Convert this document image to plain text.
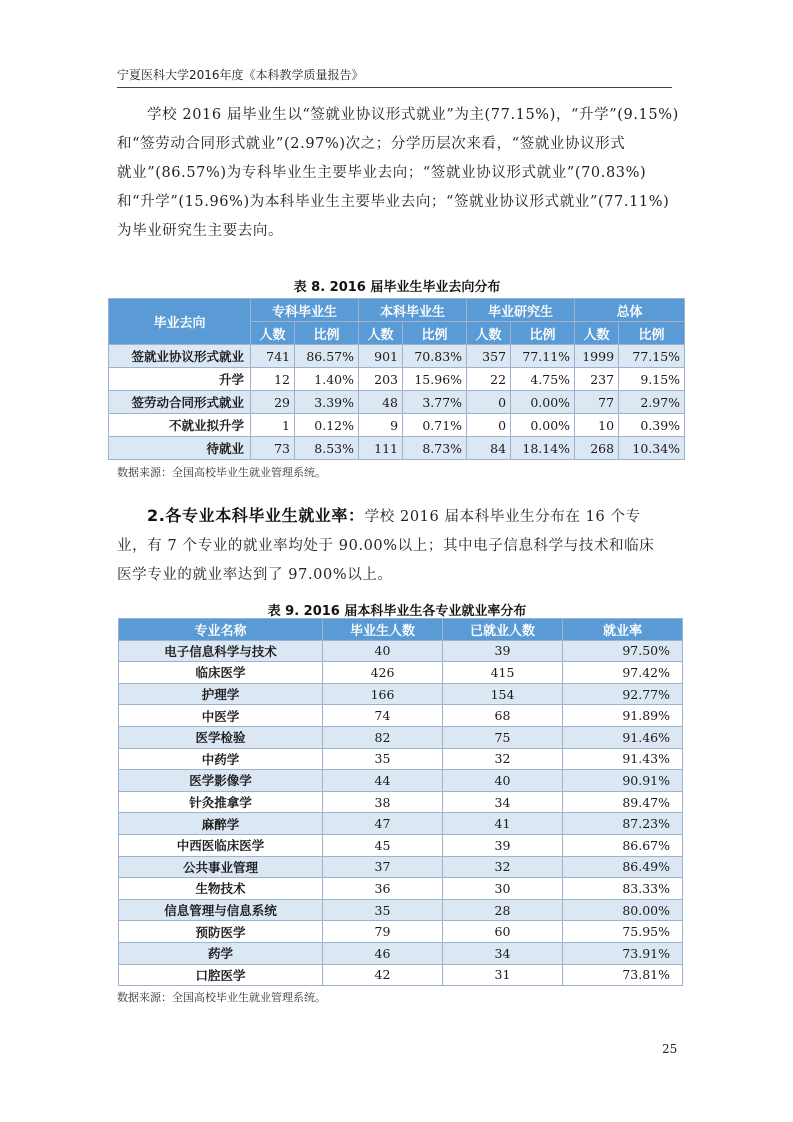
宁夏医科大学2016年度《本科教学质量报告》
学校 2016 届毕业生以“签就业协议形式就业”为主(77.15%)，“升学”(9.15%)
和“签劳动合同形式就业”(2.97%)次之；分学历层次来看，“签就业协议形式
就业”(86.57%)为专科毕业生主要毕业去向；“签就业协议形式就业”(70.83%)
和“升学”(15.96%)为本科毕业生主要毕业去向；“签就业协议形式就业”(77.11%)
为毕业研究生主要去向。
表 8. 2016 届毕业生毕业去向分布
毕业去向	专科毕业生		本科毕业生		毕业研究生		总体	
	人数	比例	人数	比例	人数	比例	人数	比例
签就业协议形式就业	741	86.57%	901	70.83%	357	77.11%	1999	77.15%
升学	12	1.40%	203	15.96%	22	4.75%	237	9.15%
签劳动合同形式就业	29	3.39%	48	3.77%	0	0.00%	77	2.97%
不就业拟升学	1	0.12%	9	0.71%	0	0.00%	10	0.39%
待就业	73	8.53%	111	8.73%	84	18.14%	268	10.34%
数据来源：全国高校毕业生就业管理系统。
2.各专业本科毕业生就业率：学校 2016 届本科毕业生分布在 16 个专
业，有 7 个专业的就业率均处于 90.00%以上；其中电子信息科学与技术和临床
医学专业的就业率达到了 97.00%以上。
表 9. 2016 届本科毕业生各专业就业率分布
专业名称	毕业生人数	已就业人数	就业率
电子信息科学与技术	40	39	97.50%
临床医学	426	415	97.42%
护理学	166	154	92.77%
中医学	74	68	91.89%
医学检验	82	75	91.46%
中药学	35	32	91.43%
医学影像学	44	40	90.91%
针灸推拿学	38	34	89.47%
麻醉学	47	41	87.23%
中西医临床医学	45	39	86.67%
公共事业管理	37	32	86.49%
生物技术	36	30	83.33%
信息管理与信息系统	35	28	80.00%
预防医学	79	60	75.95%
药学	46	34	73.91%
口腔医学	42	31	73.81%
数据来源：全国高校毕业生就业管理系统。
25
